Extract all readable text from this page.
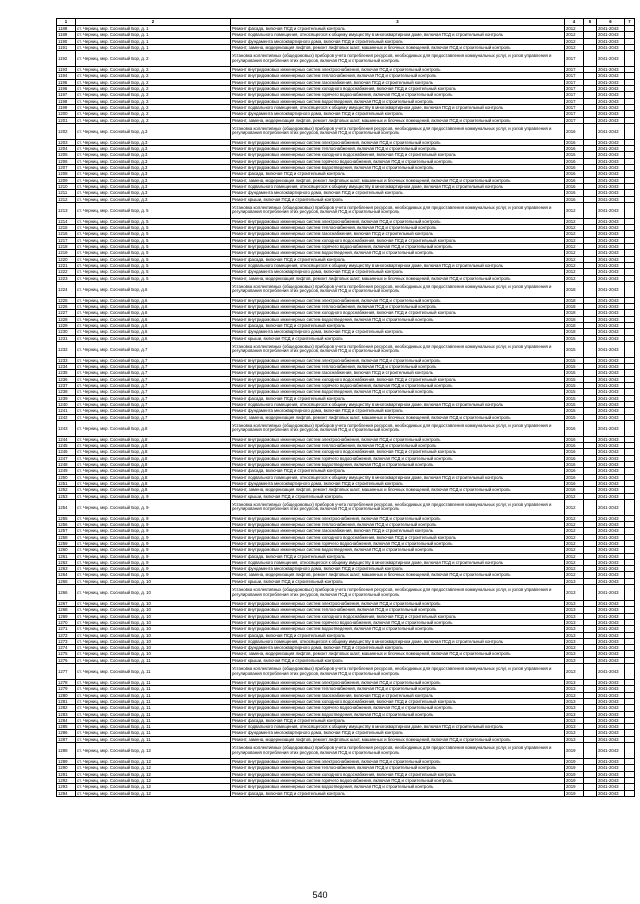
1	2	3	4	5	6	7
1188	ст. Черниц, мкр. Сосновый Бор, д. 1	Ремонт фасада, включая ПСД и строительный контроль	2012		2041-2043	
1189	ст. Черниц, мкр. Сосновый Бор, д. 1	Ремонт подвального помещения, относящегося к общему имуществу в многоквартирном доме, включая ПСД и строительный контроль	2012		2041-2043	
1190	ст. Черниц, мкр. Сосновый Бор, д. 1	Ремонт фундамента многоквартирного дома, включая ПСД и строительный контроль	2012		2041-2043	
1191	ст. Черниц, мкр. Сосновый Бор, д. 1	Ремонт, замена, модернизация лифтов, ремонт лифтовых шахт, машинных и блочных помещений, включая ПСД и строительный контроль	2012		2041-2043	
1192	ст. Черниц, мкр. Сосновый Бор, д. 2	Установка коллективных (общедомовых) приборов учета потребления ресурсов, необходимых для предоставления коммунальных услуг, и узлов управления и регулирования потребления этих ресурсов, включая ПСД и строительный контроль	2017		2041-2043	
1193	ст. Черниц, мкр. Сосновый Бор, д. 2	Ремонт внутридомовых инженерных систем электроснабжения, включая ПСД и строительный контроль	2017		2041-2043	
1194	ст. Черниц, мкр. Сосновый Бор, д. 2	Ремонт внутридомовых инженерных систем теплоснабжения, включая ПСД и строительный контроль	2017		2041-2043	
1195	ст. Черниц, мкр. Сосновый Бор, д. 2	Ремонт внутридомовых инженерных систем газоснабжения, включая ПСД и строительный контроль	2017		2041-2043	
1196	ст. Черниц, мкр. Сосновый Бор, д. 2	Ремонт внутридомовых инженерных систем холодного водоснабжения, включая ПСД и строительный контроль	2017		2041-2043	
1197	ст. Черниц, мкр. Сосновый Бор, д. 2	Ремонт внутридомовых инженерных систем горячего водоснабжения, включая ПСД и строительный контроль	2017		2041-2043	
1198	ст. Черниц, мкр. Сосновый Бор, д. 2	Ремонт внутридомовых инженерных систем водоотведения, включая ПСД и строительный контроль	2017		2041-2043	
1199	ст. Черниц, мкр. Сосновый Бор, д. 2	Ремонт подвального помещения, относящегося к общему имуществу в многоквартирном доме, включая ПСД и строительный контроль	2017		2041-2043	
1200	ст. Черниц, мкр. Сосновый Бор, д. 2	Ремонт фундамента многоквартирного дома, включая ПСД и строительный контроль	2017		2041-2043	
1201	ст. Черниц, мкр. Сосновый Бор, д. 2	Ремонт, замена, модернизация лифтов, ремонт лифтовых шахт, машинных и блочных помещений, включая ПСД и строительный контроль	2017		2041-2043	
1202	ст. Черниц, мкр. Сосновый Бор, д.3	Установка коллективных (общедомовых) приборов учета потребления ресурсов, необходимых для предоставления коммунальных услуг, и узлов управления и регулирования потребления этих ресурсов, включая ПСД и строительный контроль	2016		2041-2043	
1203	ст. Черниц, мкр. Сосновый Бор, д.3	Ремонт внутридомовых инженерных систем электроснабжения, включая ПСД и строительный контроль	2016		2041-2043	
1204	ст. Черниц, мкр. Сосновый Бор, д.3	Ремонт внутридомовых инженерных систем теплоснабжения, включая ПСД и строительный контроль	2016		2041-2043	
1205	ст. Черниц, мкр. Сосновый Бор, д.3	Ремонт внутридомовых инженерных систем холодного водоснабжения, включая ПСД и строительный контроль	2016		2041-2043	
1206	ст. Черниц, мкр. Сосновый Бор, д.3	Ремонт внутридомовых инженерных систем горячего водоснабжения, включая ПСД и строительный контроль	2016		2041-2043	
1207	ст. Черниц, мкр. Сосновый Бор, д.3	Ремонт внутридомовых инженерных систем водоотведения, включая ПСД и строительный контроль	2016		2041-2043	
1208	ст. Черниц, мкр. Сосновый Бор, д.3	Ремонт фасада, включая ПСД и строительный контроль	2016		2041-2043	
1209	ст. Черниц, мкр. Сосновый Бор, д.3	Ремонт, замена, модернизация лифтов, ремонт лифтовых шахт, машинных и блочных помещений, включая ПСД и строительный контроль	2016		2041-2043	
1210	ст. Черниц, мкр. Сосновый Бор, д.3	Ремонт подвального помещения, относящегося к общему имуществу в многоквартирном доме, включая ПСД и строительный контроль	2016		2041-2043	
1211	ст. Черниц, мкр. Сосновый Бор, д.3	Ремонт фундамента многоквартирного дома, включая ПСД и строительный контроль	2016		2041-2043	
1212	ст. Черниц, мкр. Сосновый Бор, д.3	Ремонт крыши, включая ПСД и строительный контроль	2016		2041-2043	
1213	ст. Черниц, мкр. Сосновый Бор, д. 5	Установка коллективных (общедомовых) приборов учета потребления ресурсов, необходимых для предоставления коммунальных услуг, и узлов управления и регулирования потребления этих ресурсов, включая ПСД и строительный контроль	2012		2041-2043	
1214	ст. Черниц, мкр. Сосновый Бор, д. 5	Ремонт внутридомовых инженерных систем электроснабжения, включая ПСД и строительный контроль	2012		2041-2043	
1215	ст. Черниц, мкр. Сосновый Бор, д. 5	Ремонт внутридомовых инженерных систем теплоснабжения, включая ПСД и строительный контроль	2012		2041-2043	
1216	ст. Черниц, мкр. Сосновый Бор, д. 5	Ремонт внутридомовых инженерных систем газоснабжения, включая ПСД и строительный контроль	2012		2041-2043	
1217	ст. Черниц, мкр. Сосновый Бор, д. 5	Ремонт внутридомовых инженерных систем холодного водоснабжения, включая ПСД и строительный контроль	2012		2041-2043	
1218	ст. Черниц, мкр. Сосновый Бор, д. 5	Ремонт внутридомовых инженерных систем горячего водоснабжения, включая ПСД и строительный контроль	2012		2041-2043	
1219	ст. Черниц, мкр. Сосновый Бор, д. 5	Ремонт внутридомовых инженерных систем водоотведения, включая ПСД и строительный контроль	2012		2041-2043	
1220	ст. Черниц, мкр. Сосновый Бор, д. 5	Ремонт фасада, включая ПСД и строительный контроль	2012		2041-2043	
1221	ст. Черниц, мкр. Сосновый Бор, д. 5	Ремонт подвального помещения, относящегося к общему имуществу в многоквартирном доме, включая ПСД и строительный контроль	2012		2041-2043	
1222	ст. Черниц, мкр. Сосновый Бор, д. 5	Ремонт фундамента многоквартирного дома, включая ПСД и строительный контроль	2012		2041-2043	
1223	ст. Черниц, мкр. Сосновый Бор, д. 5	Ремонт, замена, модернизация лифтов, ремонт лифтовых шахт, машинных и блочных помещений, включая ПСД и строительный контроль	2012		2041-2043	
1224	ст. Черниц, мкр. Сосновый Бор, д.6	Установка коллективных (общедомовых) приборов учета потребления ресурсов, необходимых для предоставления коммунальных услуг, и узлов управления и регулирования потребления этих ресурсов, включая ПСД и строительный контроль	2018		2041-2043	
1225	ст. Черниц, мкр. Сосновый Бор, д.6	Ремонт внутридомовых инженерных систем электроснабжения, включая ПСД и строительный контроль	2018		2041-2043	
1226	ст. Черниц, мкр. Сосновый Бор, д.6	Ремонт внутридомовых инженерных систем теплоснабжения, включая ПСД и строительный контроль	2018		2041-2043	
1227	ст. Черниц, мкр. Сосновый Бор, д.6	Ремонт внутридомовых инженерных систем холодного водоснабжения, включая ПСД и строительный контроль	2018		2041-2043	
1228	ст. Черниц, мкр. Сосновый Бор, д.6	Ремонт внутридомовых инженерных систем водоотведения, включая ПСД и строительный контроль	2018		2041-2043	
1229	ст. Черниц, мкр. Сосновый Бор, д.6	Ремонт фасада, включая ПСД и строительный контроль	2018		2041-2043	
1230	ст. Черниц, мкр. Сосновый Бор, д.6	Ремонт фундамента многоквартирного дома, включая ПСД и строительный контроль	2018		2041-2043	
1231	ст. Черниц, мкр. Сосновый Бор, д.6	Ремонт крыши, включая ПСД и строительный контроль	2015		2041-2043	
1232	ст. Черниц, мкр. Сосновый Бор, д.7	Установка коллективных (общедомовых) приборов учета потребления ресурсов, необходимых для предоставления коммунальных услуг, и узлов управления и регулирования потребления этих ресурсов, включая ПСД и строительный контроль	2015		2041-2043	
1233	ст. Черниц, мкр. Сосновый Бор, д.7	Ремонт внутридомовых инженерных систем электроснабжения, включая ПСД и строительный контроль	2015		2041-2043	
1234	ст. Черниц, мкр. Сосновый Бор, д.7	Ремонт внутридомовых инженерных систем теплоснабжения, включая ПСД и строительный контроль	2015		2041-2043	
1235	ст. Черниц, мкр. Сосновый Бор, д.7	Ремонт внутридомовых инженерных систем газоснабжения, включая ПСД и строительный контроль	2015		2041-2043	
1236	ст. Черниц, мкр. Сосновый Бор, д.7	Ремонт внутридомовых инженерных систем холодного водоснабжения, включая ПСД и строительный контроль	2015		2041-2043	
1237	ст. Черниц, мкр. Сосновый Бор, д.7	Ремонт внутридомовых инженерных систем горячего водоснабжения, включая ПСД и строительный контроль	2015		2041-2043	
1238	ст. Черниц, мкр. Сосновый Бор, д.7	Ремонт внутридомовых инженерных систем водоотведения, включая ПСД и строительный контроль	2015		2041-2043	
1239	ст. Черниц, мкр. Сосновый Бор, д.7	Ремонт фасада, включая ПСД и строительный контроль	2015		2041-2043	
1240	ст. Черниц, мкр. Сосновый Бор, д.7	Ремонт подвального помещения, относящегося к общему имуществу в многоквартирном доме, включая ПСД и строительный контроль	2015		2041-2043	
1241	ст. Черниц, мкр. Сосновый Бор, д.7	Ремонт фундамента многоквартирного дома, включая ПСД и строительный контроль	2015		2041-2043	
1242	ст. Черниц, мкр. Сосновый Бор, д.7	Ремонт, замена, модернизация лифтов, ремонт лифтовых шахт, машинных и блочных помещений, включая ПСД и строительный контроль	2015		2041-2043	
1243	ст. Черниц, мкр. Сосновый Бор, д.8	Установка коллективных (общедомовых) приборов учета потребления ресурсов, необходимых для предоставления коммунальных услуг, и узлов управления и регулирования потребления этих ресурсов, включая ПСД и строительный контроль	2016		2041-2043	
1244	ст. Черниц, мкр. Сосновый Бор, д.8	Ремонт внутридомовых инженерных систем электроснабжения, включая ПСД и строительный контроль	2016		2041-2043	
1245	ст. Черниц, мкр. Сосновый Бор, д.8	Ремонт внутридомовых инженерных систем теплоснабжения, включая ПСД и строительный контроль	2016		2041-2043	
1246	ст. Черниц, мкр. Сосновый Бор, д.8	Ремонт внутридомовых инженерных систем холодного водоснабжения, включая ПСД и строительный контроль	2016		2041-2043	
1247	ст. Черниц, мкр. Сосновый Бор, д.8	Ремонт внутридомовых инженерных систем горячего водоснабжения, включая ПСД и строительный контроль	2016		2041-2043	
1248	ст. Черниц, мкр. Сосновый Бор, д.8	Ремонт внутридомовых инженерных систем водоотведения, включая ПСД и строительный контроль	2016		2041-2043	
1249	ст. Черниц, мкр. Сосновый Бор, д.8	Ремонт фасада, включая ПСД и строительный контроль	2016		2041-2043	
1250	ст. Черниц, мкр. Сосновый Бор, д.8	Ремонт подвального помещения, относящегося к общему имуществу в многоквартирном доме, включая ПСД и строительный контроль	2016		2041-2043	
1251	ст. Черниц, мкр. Сосновый Бор, д.8	Ремонт фундамента многоквартирного дома, включая ПСД и строительный контроль	2016		2041-2043	
1252	ст. Черниц, мкр. Сосновый Бор, д.8	Ремонт, замена, модернизация лифтов, ремонт лифтовых шахт, машинных и блочных помещений, включая ПСД и строительный контроль	2016		2041-2043	
1253	ст. Черниц, мкр. Сосновый Бор, д. 9	Ремонт крыши, включая ПСД и строительный контроль	2012		2041-2043	
1254	ст. Черниц, мкр. Сосновый Бор, д. 9	Установка коллективных (общедомовых) приборов учета потребления ресурсов, необходимых для предоставления коммунальных услуг, и узлов управления и регулирования потребления этих ресурсов, включая ПСД и строительный контроль	2012		2041-2043	
1255	ст. Черниц, мкр. Сосновый Бор, д. 9	Ремонт внутридомовых инженерных систем электроснабжения, включая ПСД и строительный контроль	2012		2041-2043	
1256	ст. Черниц, мкр. Сосновый Бор, д. 9	Ремонт внутридомовых инженерных систем теплоснабжения, включая ПСД и строительный контроль	2012		2041-2043	
1257	ст. Черниц, мкр. Сосновый Бор, д. 9	Ремонт внутридомовых инженерных систем газоснабжения, включая ПСД и строительный контроль	2012		2041-2043	
1258	ст. Черниц, мкр. Сосновый Бор, д. 9	Ремонт внутридомовых инженерных систем холодного водоснабжения, включая ПСД и строительный контроль	2012		2041-2043	
1259	ст. Черниц, мкр. Сосновый Бор, д. 9	Ремонт внутридомовых инженерных систем горячего водоснабжения, включая ПСД и строительный контроль	2012		2041-2043	
1260	ст. Черниц, мкр. Сосновый Бор, д. 9	Ремонт внутридомовых инженерных систем водоотведения, включая ПСД и строительный контроль	2012		2041-2043	
1261	ст. Черниц, мкр. Сосновый Бор, д. 9	Ремонт фасада, включая ПСД и строительный контроль	2012		2041-2043	
1262	ст. Черниц, мкр. Сосновый Бор, д. 9	Ремонт подвального помещения, относящегося к общему имуществу в многоквартирном доме, включая ПСД и строительный контроль	2012		2041-2043	
1263	ст. Черниц, мкр. Сосновый Бор, д. 9	Ремонт фундамента многоквартирного дома, включая ПСД и строительный контроль	2012		2041-2043	
1264	ст. Черниц, мкр. Сосновый Бор, д. 9	Ремонт, замена, модернизация лифтов, ремонт лифтовых шахт, машинных и блочных помещений, включая ПСД и строительный контроль	2012		2041-2043	
1265	ст. Черниц, мкр. Сосновый Бор, д. 10	Ремонт крыши, включая ПСД и строительный контроль	2013		2041-2043	
1266	ст. Черниц, мкр. Сосновый Бор, д. 10	Установка коллективных (общедомовых) приборов учета потребления ресурсов, необходимых для предоставления коммунальных услуг, и узлов управления и регулирования потребления этих ресурсов, включая ПСД и строительный контроль	2013		2041-2043	
1267	ст. Черниц, мкр. Сосновый Бор, д. 10	Ремонт внутридомовых инженерных систем электроснабжения, включая ПСД и строительный контроль	2013		2041-2043	
1268	ст. Черниц, мкр. Сосновый Бор, д. 10	Ремонт внутридомовых инженерных систем теплоснабжения, включая ПСД и строительный контроль	2013		2041-2043	
1269	ст. Черниц, мкр. Сосновый Бор, д. 10	Ремонт внутридомовых инженерных систем холодного водоснабжения, включая ПСД и строительный контроль	2013		2041-2043	
1270	ст. Черниц, мкр. Сосновый Бор, д. 10	Ремонт внутридомовых инженерных систем горячего водоснабжения, включая ПСД и строительный контроль	2013		2041-2043	
1271	ст. Черниц, мкр. Сосновый Бор, д. 10	Ремонт внутридомовых инженерных систем водоотведения, включая ПСД и строительный контроль	2013		2041-2043	
1272	ст. Черниц, мкр. Сосновый Бор, д. 10	Ремонт фасада, включая ПСД и строительный контроль	2013		2041-2043	
1273	ст. Черниц, мкр. Сосновый Бор, д. 10	Ремонт подвального помещения, относящегося к общему имуществу в многоквартирном доме, включая ПСД и строительный контроль	2013		2041-2043	
1274	ст. Черниц, мкр. Сосновый Бор, д. 10	Ремонт фундамента многоквартирного дома, включая ПСД и строительный контроль	2013		2041-2043	
1275	ст. Черниц, мкр. Сосновый Бор, д. 10	Ремонт, замена, модернизация лифтов, ремонт лифтовых шахт, машинных и блочных помещений, включая ПСД и строительный контроль	2013		2041-2043	
1276	ст. Черниц, мкр. Сосновый Бор, д. 11	Ремонт крыши, включая ПСД и строительный контроль	2013		2041-2043	
1277	ст. Черниц, мкр. Сосновый Бор, д. 11	Установка коллективных (общедомовых) приборов учета потребления ресурсов, необходимых для предоставления коммунальных услуг, и узлов управления и регулирования потребления этих ресурсов, включая ПСД и строительный контроль	2013		2041-2043	
1278	ст. Черниц, мкр. Сосновый Бор, д. 11	Ремонт внутридомовых инженерных систем электроснабжения, включая ПСД и строительный контроль	2013		2041-2043	
1279	ст. Черниц, мкр. Сосновый Бор, д. 11	Ремонт внутридомовых инженерных систем теплоснабжения, включая ПСД и строительный контроль	2013		2041-2043	
1280	ст. Черниц, мкр. Сосновый Бор, д. 11	Ремонт внутридомовых инженерных систем газоснабжения, включая ПСД и строительный контроль	2013		2041-2043	
1281	ст. Черниц, мкр. Сосновый Бор, д. 11	Ремонт внутридомовых инженерных систем холодного водоснабжения, включая ПСД и строительный контроль	2013		2041-2043	
1282	ст. Черниц, мкр. Сосновый Бор, д. 11	Ремонт внутридомовых инженерных систем горячего водоснабжения, включая ПСД и строительный контроль	2013		2041-2043	
1283	ст. Черниц, мкр. Сосновый Бор, д. 11	Ремонт внутридомовых инженерных систем водоотведения, включая ПСД и строительный контроль	2013		2041-2043	
1284	ст. Черниц, мкр. Сосновый Бор, д. 11	Ремонт фасада, включая ПСД и строительный контроль	2013		2041-2043	
1285	ст. Черниц, мкр. Сосновый Бор, д. 11	Ремонт подвального помещения, относящегося к общему имуществу в многоквартирном доме, включая ПСД и строительный контроль	2013		2041-2043	
1286	ст. Черниц, мкр. Сосновый Бор, д. 11	Ремонт фундамента многоквартирного дома, включая ПСД и строительный контроль	2013		2041-2043	
1287	ст. Черниц, мкр. Сосновый Бор, д. 11	Ремонт, замена, модернизация лифтов, ремонт лифтовых шахт, машинных и блочных помещений, включая ПСД и строительный контроль	2013		2041-2043	
1288	ст. Черниц, мкр. Сосновый Бор, д. 12	Установка коллективных (общедомовых) приборов учета потребления ресурсов, необходимых для предоставления коммунальных услуг, и узлов управления и регулирования потребления этих ресурсов, включая ПСД и строительный контроль	2019		2041-2043	
1289	ст. Черниц, мкр. Сосновый Бор, д. 12	Ремонт внутридомовых инженерных систем электроснабжения, включая ПСД и строительный контроль	2019		2041-2043	
1290	ст. Черниц, мкр. Сосновый Бор, д. 12	Ремонт внутридомовых инженерных систем теплоснабжения, включая ПСД и строительный контроль	2019		2041-2043	
1291	ст. Черниц, мкр. Сосновый Бор, д. 12	Ремонт внутридомовых инженерных систем холодного водоснабжения, включая ПСД и строительный контроль	2019		2041-2043	
1292	ст. Черниц, мкр. Сосновый Бор, д. 12	Ремонт внутридомовых инженерных систем горячего водоснабжения, включая ПСД и строительный контроль	2019		2041-2043	
1293	ст. Черниц, мкр. Сосновый Бор, д. 12	Ремонт внутридомовых инженерных систем водоотведения, включая ПСД и строительный контроль	2019		2041-2043	
1294	ст. Черниц, мкр. Сосновый Бор, д. 12	Ремонт фасада, включая ПСД и строительный контроль	2019		2041-2043	
540
